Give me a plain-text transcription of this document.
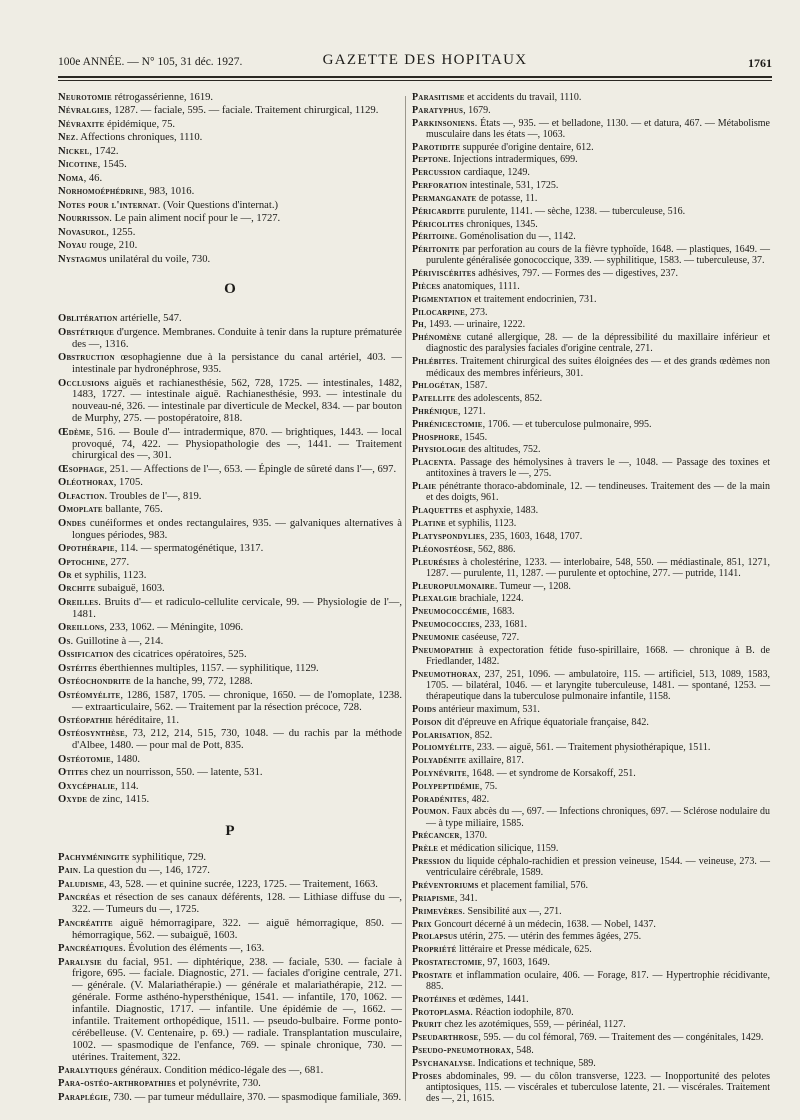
100e ANNÉE. — N° 105, 31 déc. 1927.	GAZETTE DES HOPITAUX	1761

Neurotomie rétrogassérienne, 1619.

Névralgies, 1287. — faciale, 595. — faciale. Traitement chirurgical, 1129.

Névraxite épidémique, 75.

Nez. Affections chroniques, 1110.

Nickel, 1742.

Nicotine, 1545.

Noma, 46.

Norhomoéphédrine, 983, 1016.

Notes pour l'internat. (Voir Questions d'internat.)

Nourrisson. Le pain aliment nocif pour le —, 1727.

Novasurol, 1255.

Noyau rouge, 210.

Nystagmus unilatéral du voile, 730.

O

Oblitération artérielle, 547.

Obstétrique d'urgence. Membranes. Conduite à tenir dans la rupture prématurée des —, 1316.

Obstruction œsophagienne due à la persistance du canal artériel, 403. — intestinale par hydronéphrose, 935.

Occlusions aiguës et rachianesthésie, 562, 728, 1725. — intestinales, 1482, 1483, 1727. — intestinale aiguë. Rachianesthésie, 993. — intestinale du nouveau-né, 326. — intestinale par diverticule de Meckel, 834. — par bouton de Murphy, 275. — postopératoire, 818.

Œdème, 516. — Boule d'— intradermique, 870. — brightiques, 1443. — local provoqué, 74, 422. — Physiopathologie des —, 1441. — Traitement chirurgical des —, 301.

Œsophage, 251. — Affections de l'—, 653. — Épingle de sûreté dans l'—, 697.

Oléothorax, 1705.

Olfaction. Troubles de l'—, 819.

Omoplate ballante, 765.

Ondes cunéiformes et ondes rectangulaires, 935. — galvaniques alternatives à longues périodes, 983.

Opothérapie, 114. — spermatogénétique, 1317.

Optochine, 277.

Or et syphilis, 1123.

Orchite subaiguë, 1603.

Oreilles. Bruits d'— et radiculo-cellulite cervicale, 99. — Physiologie de l'—, 1481.

Oreillons, 233, 1062. — Méningite, 1096.

Os. Guillotine à —, 214.

Ossification des cicatrices opératoires, 525.

Ostéites éberthiennes multiples, 1157. — syphilitique, 1129.

Ostéochondrite de la hanche, 99, 772, 1288.

Ostéomyélite, 1286, 1587, 1705. — chronique, 1650. — de l'omoplate, 1238. — extraarticulaire, 562. — Traitement par la résection précoce, 728.

Ostéopathie héréditaire, 11.

Ostéosynthèse, 73, 212, 214, 515, 730, 1048. — du rachis par la méthode d'Albee, 1480. — pour mal de Pott, 835.

Ostéotomie, 1480.

Otites chez un nourrisson, 550. — latente, 531.

Oxycéphalie, 114.

Oxyde de zinc, 1415.

P

Pachyméningite syphilitique, 729.

Pain. La question du —, 146, 1727.

Paludisme, 43, 528. — et quinine sucrée, 1223, 1725. — Traitement, 1663.

Pancréas et résection de ses canaux déférents, 128. — Lithiase diffuse du —, 322. — Tumeurs du —, 1725.

Pancréatite aiguë hémorragipare, 322. — aiguë hémorragique, 850. — hémorragique, 562. — subaiguë, 1603.

Pancréatiques. Évolution des éléments —, 163.

Paralysie du facial, 951. — diphtérique, 238. — faciale, 530. — faciale à frigore, 695. — faciale. Diagnostic, 271. — faciales d'origine centrale, 271. — générale. (V. Malariathérapie.) — générale et malariathérapie, 212. — générale. Forme asthéno-hypersthénique, 1541. — infantile, 170, 1062. — infantile. Diagnostic, 1717. — infantile. Une épidémie de —, 1662. — infantile. Traitement orthopédique, 1511. — pseudo-bulbaire. Forme ponto-cérébelleuse. (V. Centenaire, p. 69.) — radiale. Transplantation musculaire, 1002. — spasmodique de l'enfance, 769. — spinale chronique, 730. — utérines. Traitement, 322.

Paralytiques généraux. Condition médico-légale des —, 681.

Para-ostéo-arthropathies et polynévrite, 730.

Paraplégie, 730. — par tumeur médullaire, 370. — spasmodique familiale, 369.

Parasitisme et accidents du travail, 1110.

Paratyphus, 1679.

Parkinsoniens. États —, 935. — et belladone, 1130. — et datura, 467. — Métabolisme musculaire dans les états —, 1063.

Parotidite suppurée d'origine dentaire, 612.

Peptone. Injections intradermiques, 699.

Percussion cardiaque, 1249.

Perforation intestinale, 531, 1725.

Permanganate de potasse, 11.

Péricardite purulente, 1141. — sèche, 1238. — tuberculeuse, 516.

Péricolites chroniques, 1345.

Péritoine. Goménolisation du —, 1142.

Péritonite par perforation au cours de la fièvre typhoïde, 1648. — plastiques, 1649. — purulente généralisée gonococcique, 339. — syphilitique, 1583. — tuberculeuse, 37.

Périviscérites adhésives, 797. — Formes des — digestives, 237.

Pièces anatomiques, 1111.

Pigmentation et traitement endocrinien, 731.

Pilocarpine, 273.

Ph, 1493. — urinaire, 1222.

Phénomène cutané allergique, 28. — de la dépressibilité du maxillaire inférieur et diagnostic des paralysies faciales d'origine centrale, 271.

Phlébites. Traitement chirurgical des suites éloignées des — et des grands œdèmes non médicaux des membres inférieurs, 301.

Phlogétan, 1587.

Patellite des adolescents, 852.

Phrénique, 1271.

Phrénicectomie, 1706. — et tuberculose pulmonaire, 995.

Phosphore, 1545.

Physiologie des altitudes, 752.

Placenta. Passage des hémolysines à travers le —, 1048. — Passage des toxines et antitoxines à travers le —, 275.

Plaie pénétrante thoraco-abdominale, 12. — tendineuses. Traitement des — de la main et des doigts, 961.

Plaquettes et asphyxie, 1483.

Platine et syphilis, 1123.

Platyspondylies, 235, 1603, 1648, 1707.

Pléonostéose, 562, 886.

Pleurésies à cholestérine, 1233. — interlobaire, 548, 550. — médiastinale, 851, 1271, 1287. — purulente, 11, 1287. — purulente et optochine, 277. — putride, 1141.

Pleuropulmonaire. Tumeur —, 1208.

Plexalgie brachiale, 1224.

Pneumococcémie, 1683.

Pneumococcies, 233, 1681.

Pneumonie caséeuse, 727.

Pneumopathie à expectoration fétide fuso-spirillaire, 1668. — chronique à B. de Friedlander, 1482.

Pneumothorax, 237, 251, 1096. — ambulatoire, 115. — artificiel, 513, 1089, 1583, 1705. — bilatéral, 1046. — et laryngite tuberculeuse, 1481. — spontané, 1253. — thérapeutique dans la tuberculose pulmonaire infantile, 1158.

Poids antérieur maximum, 531.

Poison dit d'épreuve en Afrique équatoriale française, 842.

Polarisation, 852.

Poliomyélite, 233. — aiguë, 561. — Traitement physiothérapique, 1511.

Polyadénite axillaire, 817.

Polynévrite, 1648. — et syndrome de Korsakoff, 251.

Polypeptidémie, 75.

Poradénites, 482.

Poumon. Faux abcès du —, 697. — Infections chroniques, 697. — Sclérose nodulaire du — à type miliaire, 1585.

Précancer, 1370.

Prèle et médication silicique, 1159.

Pression du liquide céphalo-rachidien et pression veineuse, 1544. — veineuse, 273. — ventriculaire cérébrale, 1589.

Préventoriums et placement familial, 576.

Priapisme, 341.

Primevères. Sensibilité aux —, 271.

Prix Goncourt décerné à un médecin, 1638. — Nobel, 1437.

Prolapsus utérin, 275. — utérin des femmes âgées, 275.

Propriété littéraire et Presse médicale, 625.

Prostatectomie, 97, 1603, 1649.

Prostate et inflammation oculaire, 406. — Forage, 817. — Hypertrophie récidivante, 885.

Protéines et œdèmes, 1441.

Protoplasma. Réaction iodophile, 870.

Prurit chez les azotémiques, 559, — périnéal, 1127.

Pseudarthrose, 595. — du col fémoral, 769. — Traitement des — congénitales, 1429.

Pseudo-pneumothorax, 548.

Psychanalyse. Indications et technique, 589.

Ptoses abdominales, 99. — du côlon transverse, 1223. — Inopportunité des pelotes antiptosiques, 115. — viscérales et tuberculose latente, 21. — viscérales. Traitement des —, 21, 1615.
